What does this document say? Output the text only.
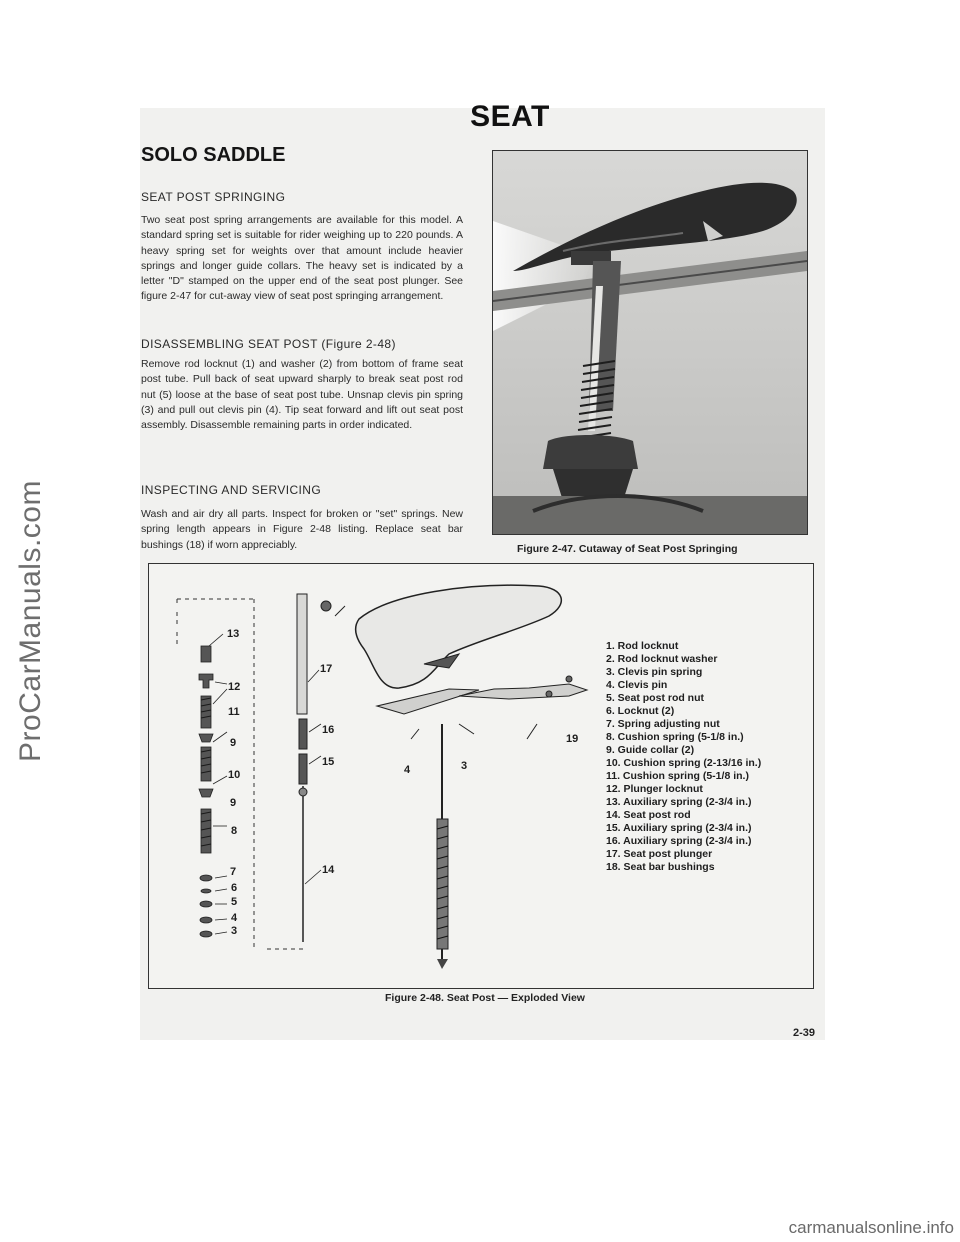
ProCarManuals.com
carmanualsonline.info
SEAT
SOLO SADDLE
SEAT POST SPRINGING

Two seat post spring arrangements are available for this model. A standard spring set is suitable for rider weighing up to 220 pounds. A heavy spring set for weights over that amount include heavier springs and longer guide collars. The heavy set is indicated by a letter "D" stamped on the upper end of the seat post plunger. See figure 2-47 for cut-away view of seat post springing arrangement.

DISASSEMBLING SEAT POST (Figure 2-48)

Remove rod locknut (1) and washer (2) from bottom of frame seat post tube. Pull back of seat upward sharply to break seat post rod nut (5) loose at the base of seat post tube. Unsnap clevis pin spring (3) and pull out clevis pin (4). Tip seat forward and lift out seat post assembly. Disassemble remaining parts in order indicated.

INSPECTING AND SERVICING

Wash and air dry all parts. Inspect for broken or "set" springs. New spring length appears in Figure 2-48 listing. Replace seat bar bushings (18) if worn appreciably.	Figure 2-47. Cutaway of Seat Post Springing
13
12
11
9
10
9
8
7
6
5
4
3
17
16
15
14
4	3
19
1. Rod locknut
2. Rod locknut washer
3. Clevis pin spring
4. Clevis pin
5. Seat post rod nut
6. Locknut (2)
7. Spring adjusting nut
8. Cushion spring (5-1/8 in.)
9. Guide collar (2)
10. Cushion spring (2-13/16 in.)
11. Cushion spring (5-1/8 in.)
12. Plunger locknut
13. Auxiliary spring (2-3/4 in.)
14. Seat post rod
15. Auxiliary spring (2-3/4 in.)
16. Auxiliary spring (2-3/4 in.)
17. Seat post plunger
18. Seat bar bushings
Figure 2-48. Seat Post — Exploded View
2-39
